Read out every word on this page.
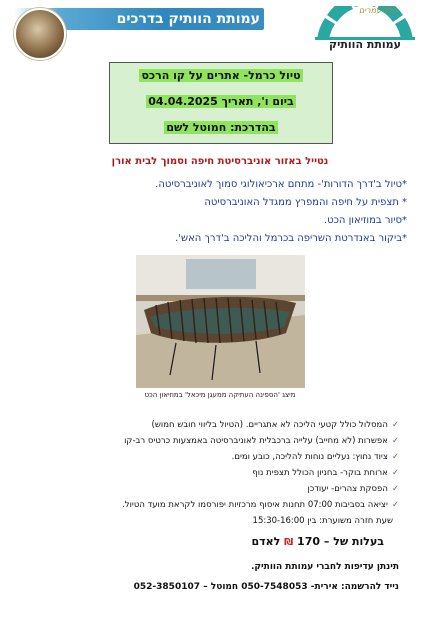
עמותת הוותיק בדרכים
כלל עמרים
עמותת הוותיק
טיול כרמל- אתרים על קו הרכס
ביום ו', תאריך 04.04.2025
בהדרכת: חמוטל לשם
נטייל באזור אוניברסיטת חיפה וסמוך לבית אורן
*טיול ב'דרך הדורות'- מתחם ארכיאולוגי סמוך לאוניברסיטה.
* תצפית על חיפה והמפרץ ממגדל האוניברסיטה
*סיור במוזיאון הכט.
*ביקור באנדרטת השריפה בכרמל והליכה ב'דרך האש'.
מיצג 'הספינה העתיקה ממעגן מיכאל' במוזיאון הכט
✓המסלול כולל קטעי הליכה לא אתגריים. (הטיול בליווי חובש חמוש)
✓אפשרות (לא מחייב) עלייה ברכבלית לאוניברסיטה באמצעות כרטיס רב-קו
✓ציוד נחוץ: נעליים נוחות להליכה, כובע ומים.
✓ארוחת בוקר- בחניון הכולל תצפית נוף
✓הפסקת צהרים- יעודכן
✓יציאה בסביבות 07:00 תחנות איסוף מרכזיות יפורסמו לקראת מועד הטיול.
שעת חזרה משוערת: בין 15:30-16:00
בעלות של – 170 ₪ לאדם
תינתן עדיפות לחברי עמותת הוותיק.
נייד להרשמה: אירית- 050-7548053 חמוטל – 052-3850107
